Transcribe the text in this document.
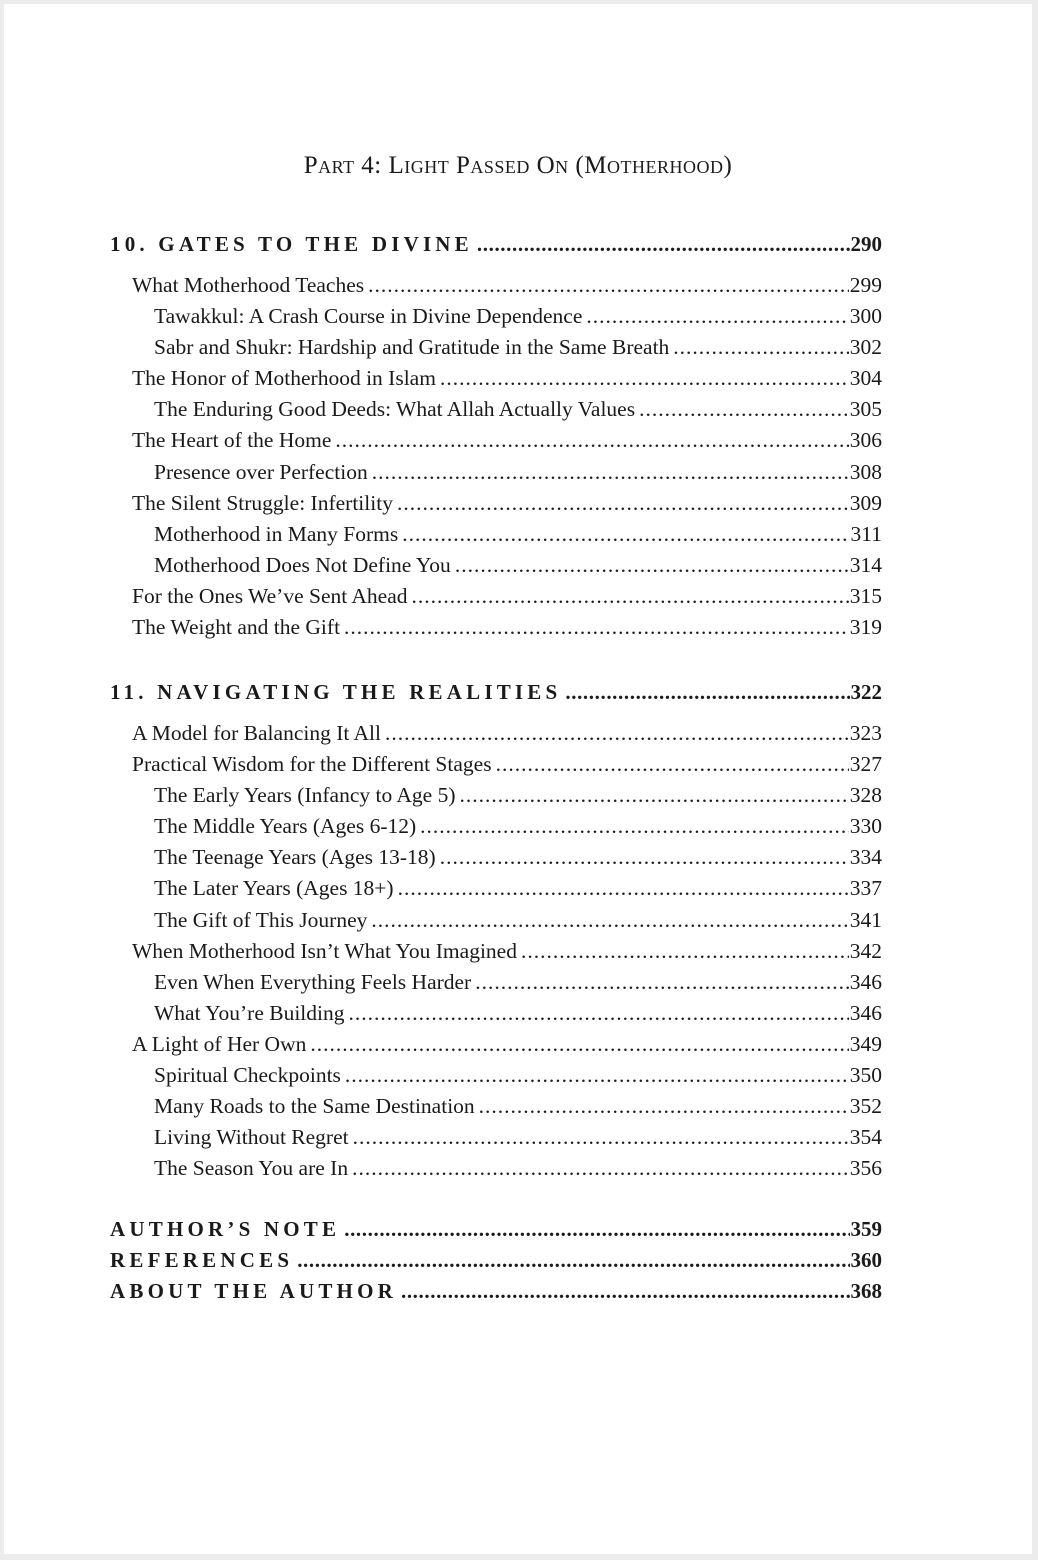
Part 4: Light Passed On (Motherhood)
10. GATES TO THE DIVINE .....	290
What Motherhood Teaches .....	299
Tawakkul: A Crash Course in Divine Dependence .....	300
Sabr and Shukr: Hardship and Gratitude in the Same Breath .....	302
The Honor of Motherhood in Islam .....	304
The Enduring Good Deeds: What Allah Actually Values .....	305
The Heart of the Home .....	306
Presence over Perfection .....	308
The Silent Struggle: Infertility .....	309
Motherhood in Many Forms .....	311
Motherhood Does Not Define You .....	314
For the Ones We’ve Sent Ahead .....	315
The Weight and the Gift .....	319
11. NAVIGATING THE REALITIES .....	322
A Model for Balancing It All .....	323
Practical Wisdom for the Different Stages .....	327
The Early Years (Infancy to Age 5) .....	328
The Middle Years (Ages 6-12) .....	330
The Teenage Years (Ages 13-18) .....	334
The Later Years (Ages 18+) .....	337
The Gift of This Journey .....	341
When Motherhood Isn’t What You Imagined .....	342
Even When Everything Feels Harder .....	346
What You’re Building .....	346
A Light of Her Own .....	349
Spiritual Checkpoints .....	350
Many Roads to the Same Destination .....	352
Living Without Regret .....	354
The Season You are In .....	356
AUTHOR’S NOTE .....	359
REFERENCES .....	360
ABOUT THE AUTHOR .....	368
